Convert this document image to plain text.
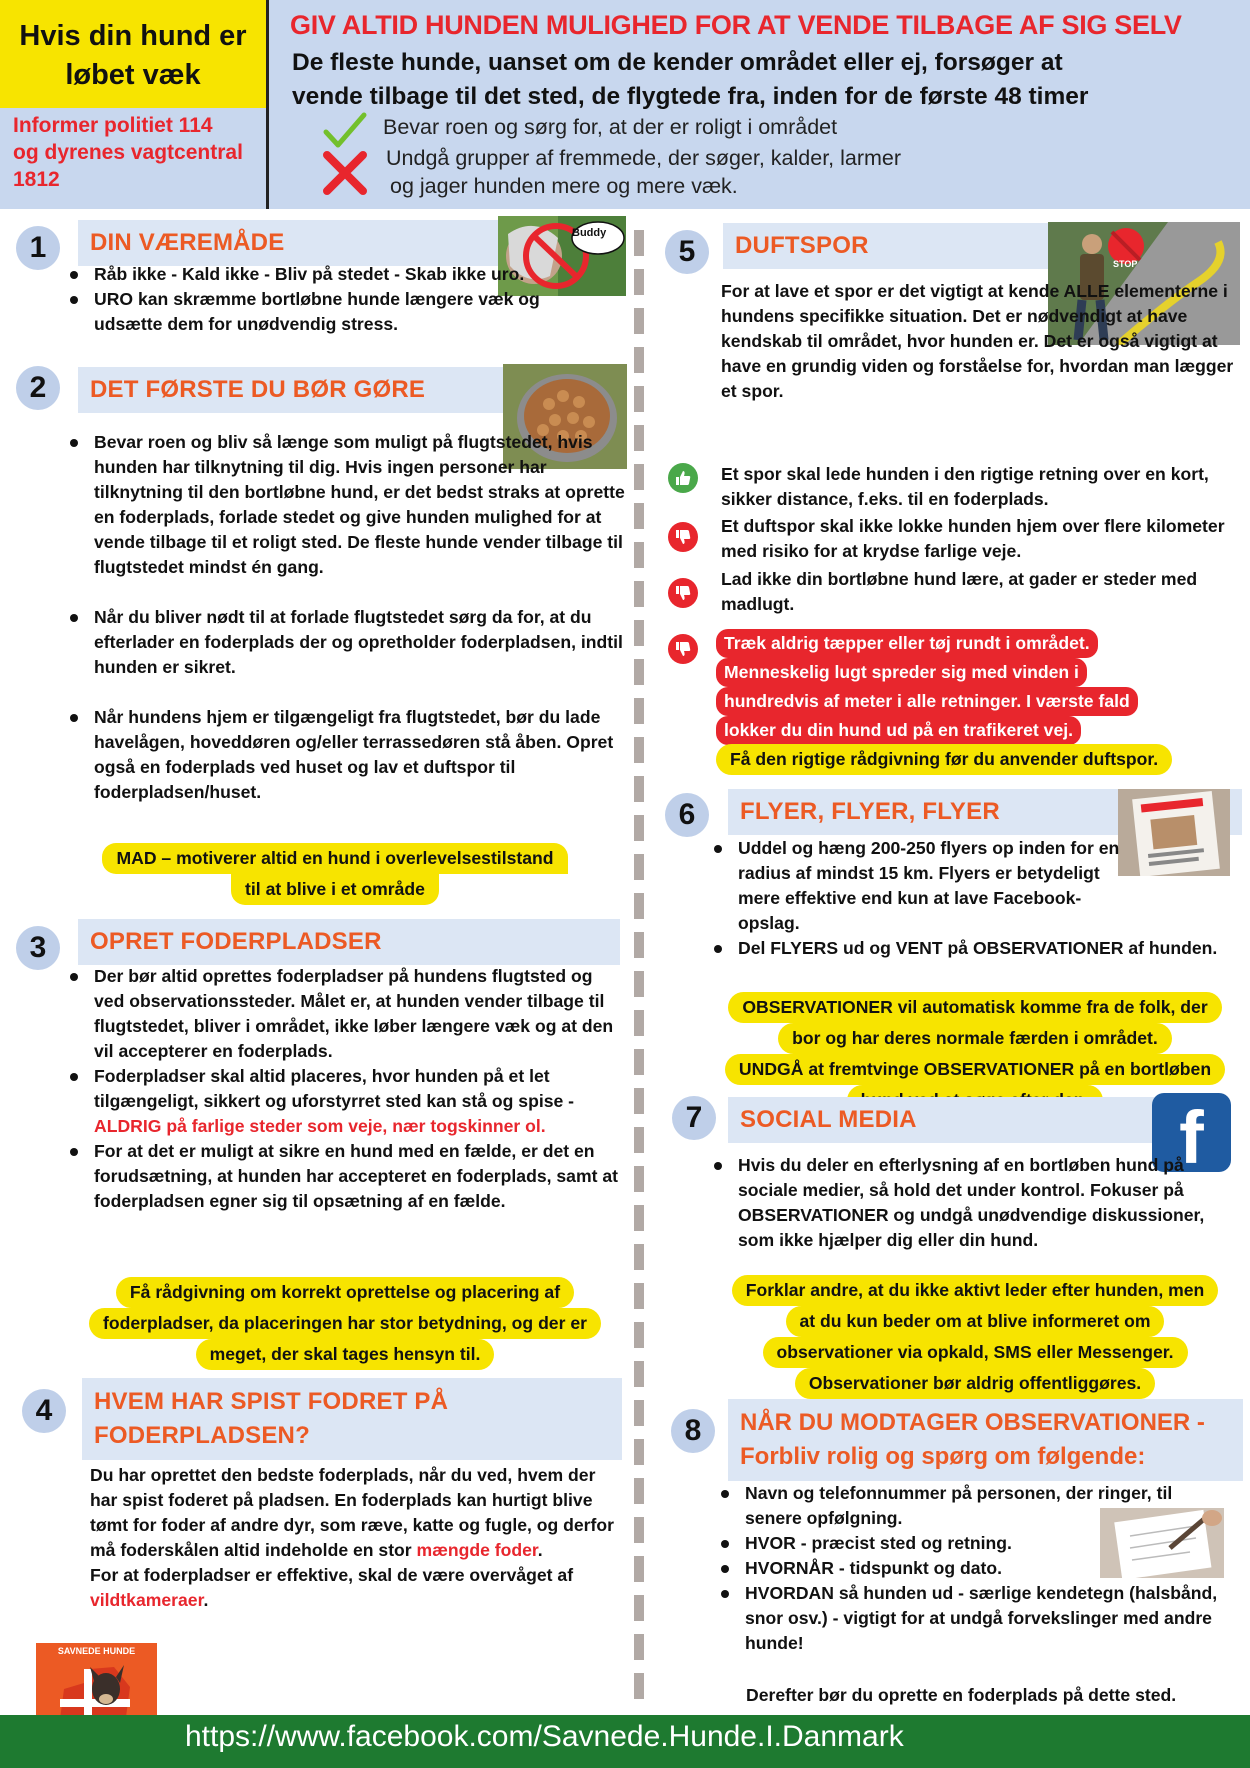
Hvis din hund er løbet væk
Informer politiet 114
og dyrenes vagtcentral
1812
GIV ALTID HUNDEN MULIGHED FOR AT VENDE TILBAGE AF SIG SELV
De fleste hunde, uanset om de kender området eller ej, forsøger at
vende tilbage til det sted, de flygtede fra, inden for de første 48 timer
Bevar roen og sørg for, at der er roligt i området
Undgå grupper af fremmede, der søger, kalder, larmer
og jager hunden mere og mere væk.
1	DIN VÆREMÅDE	Buddy
Råb ikke - Kald ikke - Bliv på stedet - Skab ikke uro.
URO kan skræmme bortløbne hunde længere væk og udsætte dem for unødvendig stress.
2	DET FØRSTE DU BØR GØRE
Bevar roen og bliv så længe som muligt på flugtstedet, hvis hunden har tilknytning til dig. Hvis ingen personer har tilknytning til den bortløbne hund, er det bedst straks at oprette en foderplads, forlade stedet og give hunden mulighed for at vende tilbage til et roligt sted. De fleste hunde vender tilbage til flugtstedet mindst én gang.
Når du bliver nødt til at forlade flugtstedet sørg da for, at du efterlader en foderplads der og opretholder foderpladsen, indtil hunden er sikret.
Når hundens hjem er tilgængeligt fra flugtstedet, bør du lade havelågen, hoveddøren og/eller terrassedøren stå åben. Opret også en foderplads ved huset og lav et duftspor til foderpladsen/huset.
MAD – motiverer altid en hund i overlevelsestilstand
til at blive i et område
3	OPRET FODERPLADSER
Der bør altid oprettes foderpladser på hundens flugtsted og ved observationssteder. Målet er, at hunden vender tilbage til flugtstedet, bliver i området, ikke løber længere væk og at den vil accepterer en foderplads.
Foderpladser skal altid placeres, hvor hunden på et let tilgængeligt, sikkert og uforstyrret sted kan stå og spise - ALDRIG på farlige steder som veje, nær togskinner ol.
For at det er muligt at sikre en hund med en fælde, er det en forudsætning, at hunden har accepteret en foderplads, samt at foderpladsen egner sig til opsætning af en fælde.
Få rådgivning om korrekt oprettelse og placering af
foderpladser, da placeringen har stor betydning, og der er
meget, der skal tages hensyn til.
4	HVEM HAR SPIST FODRET PÅ
FODERPLADSEN?
Du har oprettet den bedste foderplads, når du ved, hvem der har spist foderet på pladsen. En foderplads kan hurtigt blive tømt for foder af andre dyr, som ræve, katte og fugle, og derfor må foderskålen altid indeholde en stor mængde foder.
For at foderpladser er effektive, skal de være overvåget af vildtkameraer.
SAVNEDE HUNDE
5	DUFTSPOR
STOP
For at lave et spor er det vigtigt at kende ALLE elementerne i hundens specifikke situation. Det er nødvendigt at have kendskab til området, hvor hunden er. Det er også vigtigt at have en grundig viden og forståelse for, hvordan man lægger et spor.
Et spor skal lede hunden i den rigtige retning over en kort, sikker distance, f.eks. til en foderplads.
Et duftspor skal ikke lokke hunden hjem over flere kilometer med risiko for at krydse farlige veje.
Lad ikke din bortløbne hund lære, at gader er steder med madlugt.
Træk aldrig tæpper eller tøj rundt i området.
Menneskelig lugt spreder sig med vinden i
hundredvis af meter i alle retninger. I værste fald
lokker du din hund ud på en trafikeret vej.
Få den rigtige rådgivning før du anvender duftspor.
6	FLYER, FLYER, FLYER
Uddel og hæng 200-250 flyers op inden for en radius af mindst 15 km. Flyers er betydeligt mere effektive end kun at lave Facebook-opslag.
Del FLYERS ud og VENT på OBSERVATIONER af hunden.
OBSERVATIONER vil automatisk komme fra de folk, der
bor og har deres normale færden i området.
UNDGÅ at fremtvinge OBSERVATIONER på en bortløben

7	SOCIAL MEDIA	f
Hvis du deler en efterlysning af en bortløben hund på sociale medier, så hold det under kontrol. Fokuser på OBSERVATIONER og undgå unødvendige diskussioner, som ikke hjælper dig eller din hund.
Forklar andre, at du ikke aktivt leder efter hunden, men
at du kun beder om at blive informeret om
observationer via opkald, SMS eller Messenger.
Observationer bør aldrig offentliggøres.
8	NÅR DU MODTAGER OBSERVATIONER -
Forbliv rolig og spørg om følgende:
Navn og telefonnummer på personen, der ringer, til senere opfølgning.
HVOR - præcist sted og retning.
HVORNÅR - tidspunkt og dato.
HVORDAN så hunden ud - særlige kendetegn (halsbånd, snor osv.) - vigtigt for at undgå forvekslinger med andre hunde!
Derefter bør du oprette en foderplads på dette sted.
https://www.facebook.com/Savnede.Hunde.I.Danmark
